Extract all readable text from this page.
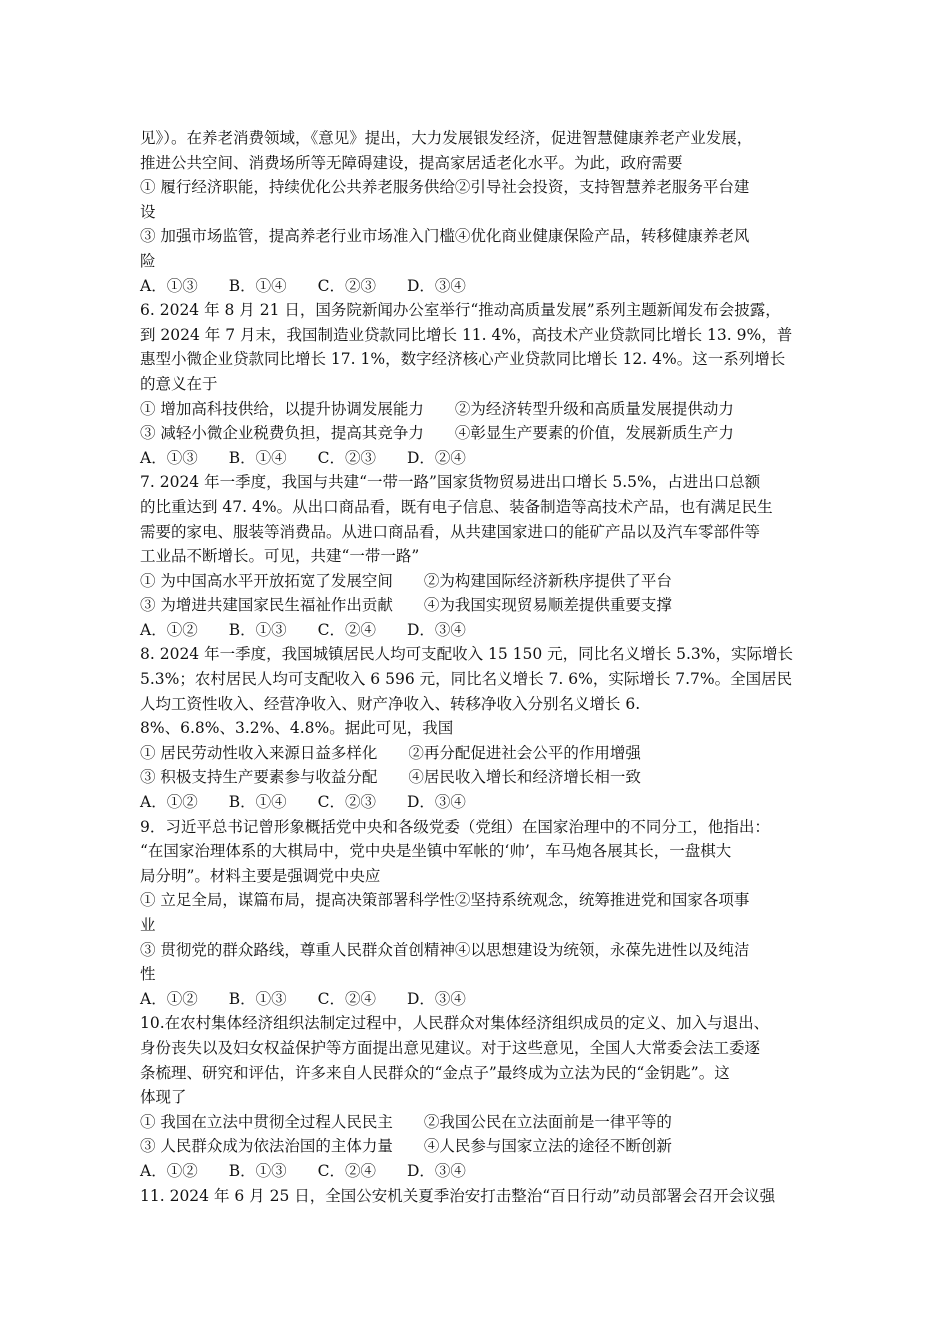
见》）。在养老消费领域，《意见》提出，大力发展银发经济，促进智慧健康养老产业发展，
推进公共空间、消费场所等无障碍建设，提高家居适老化水平。为此，政府需要
① 履行经济职能，持续优化公共养老服务供给②引导社会投资，支持智慧养老服务平台建
设
③ 加强市场监管，提高养老行业市场准入门槛④优化商业健康保险产品，转移健康养老风
险
A．①③　　B．①④　　C．②③　　D．③④
6. 2024 年 8 月 21 日，国务院新闻办公室举行“推动高质量发展”系列主题新闻发布会披露，
到 2024 年 7 月末，我国制造业贷款同比增长 11. 4%，高技术产业贷款同比增长 13. 9%，普
惠型小微企业贷款同比增长 17. 1%，数字经济核心产业贷款同比增长 12. 4%。这一系列增长
的意义在于
① 增加高科技供给，以提升协调发展能力　　②为经济转型升级和高质量发展提供动力
③ 减轻小微企业税费负担，提高其竞争力　　④彰显生产要素的价值，发展新质生产力
A．①③　　B．①④　　C．②③　　D．②④
7. 2024 年一季度，我国与共建“一带一路”国家货物贸易进出口增长 5.5%，占进出口总额
的比重达到 47. 4%。从出口商品看，既有电子信息、装备制造等高技术产品，也有满足民生
需要的家电、服装等消费品。从进口商品看，从共建国家进口的能矿产品以及汽车零部件等
工业品不断增长。可见，共建“一带一路”
① 为中国高水平开放拓宽了发展空间　　②为构建国际经济新秩序提供了平台
③ 为增进共建国家民生福祉作出贡献　　④为我国实现贸易顺差提供重要支撑
A．①②　　B．①③　　C．②④　　D．③④
8. 2024 年一季度，我国城镇居民人均可支配收入 15 150 元，同比名义增长 5.3%，实际增长
5.3%；农村居民人均可支配收入 6 596 元，同比名义增长 7. 6%，实际增长 7.7%。全国居民
人均工资性收入、经营净收入、财产净收入、转移净收入分别名义增长 6.
8%、6.8%、3.2%、4.8%。据此可见，我国
① 居民劳动性收入来源日益多样化　　②再分配促进社会公平的作用增强
③ 积极支持生产要素参与收益分配　　④居民收入增长和经济增长相一致
A．①②　　B．①④　　C．②③　　D．③④
9．习近平总书记曾形象概括党中央和各级党委（党组）在国家治理中的不同分工，他指出：
“在国家治理体系的大棋局中，党中央是坐镇中军帐的‘帅’，车马炮各展其长，一盘棋大
局分明”。材料主要是强调党中央应
① 立足全局，谋篇布局，提高决策部署科学性②坚持系统观念，统筹推进党和国家各项事
业
③ 贯彻党的群众路线，尊重人民群众首创精神④以思想建设为统领，永葆先进性以及纯洁
性
A．①②　　B．①③　　C．②④　　D．③④
10.在农村集体经济组织法制定过程中，人民群众对集体经济组织成员的定义、加入与退出、
身份丧失以及妇女权益保护等方面提出意见建议。对于这些意见，全国人大常委会法工委逐
条梳理、研究和评估，许多来自人民群众的“金点子”最终成为立法为民的“金钥匙”。这
体现了
① 我国在立法中贯彻全过程人民民主　　②我国公民在立法面前是一律平等的
③ 人民群众成为依法治国的主体力量　　④人民参与国家立法的途径不断创新
A．①②　　B．①③　　C．②④　　D．③④
11. 2024 年 6 月 25 日，全国公安机关夏季治安打击整治“百日行动”动员部署会召开会议强
